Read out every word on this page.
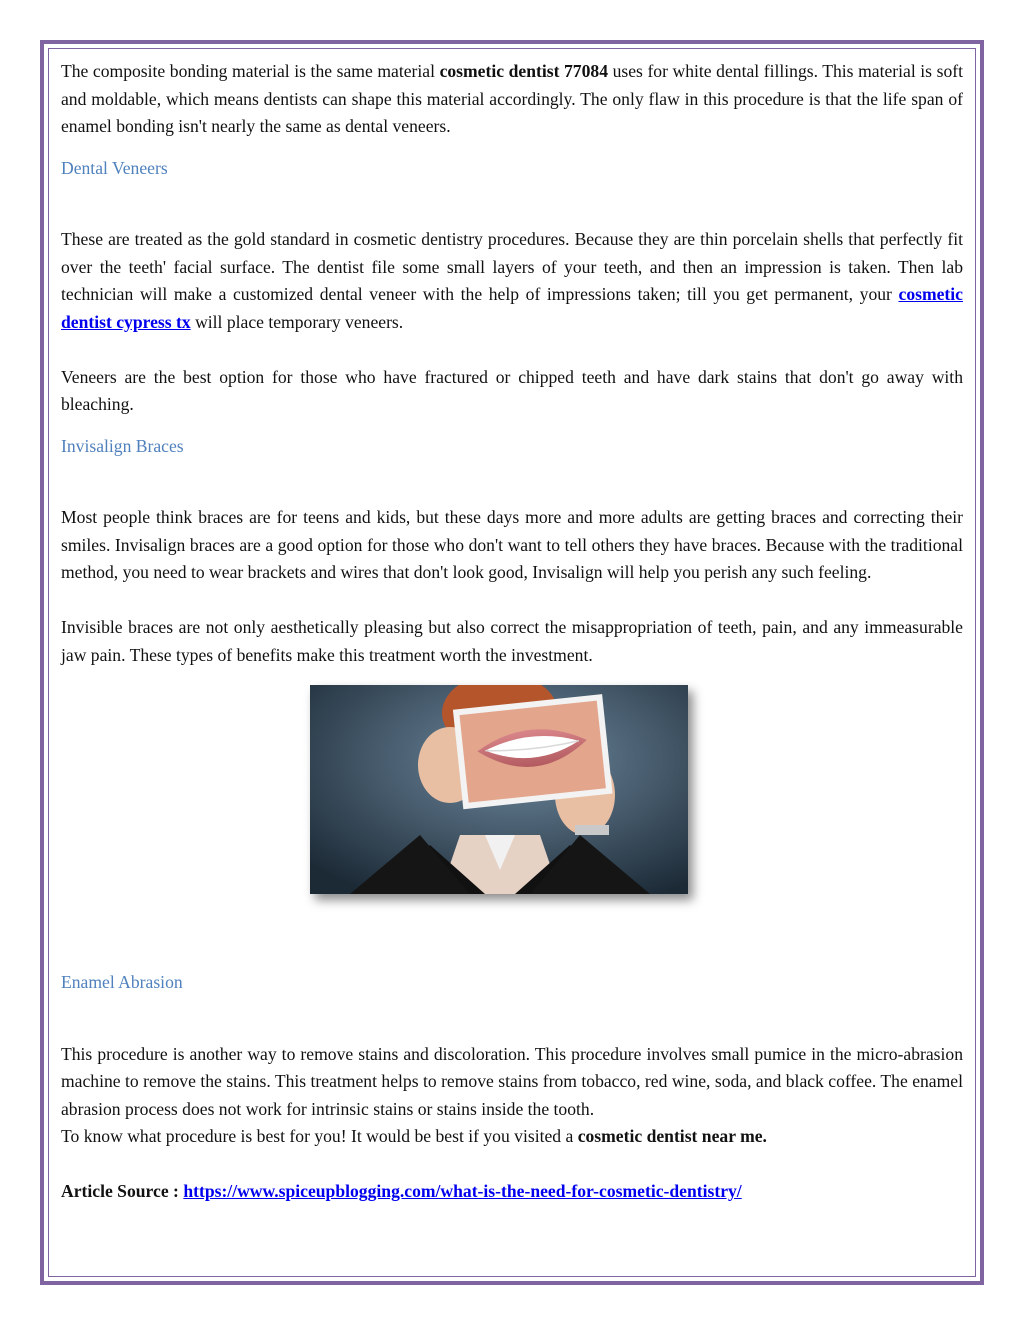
The composite bonding material is the same material cosmetic dentist 77084 uses for white dental fillings. This material is soft and moldable, which means dentists can shape this material accordingly. The only flaw in this procedure is that the life span of enamel bonding isn't nearly the same as dental veneers.

Dental Veneers

These are treated as the gold standard in cosmetic dentistry procedures. Because they are thin porcelain shells that perfectly fit over the teeth' facial surface. The dentist file some small layers of your teeth, and then an impression is taken. Then lab technician will make a customized dental veneer with the help of impressions taken; till you get permanent, your cosmetic dentist cypress tx will place temporary veneers.

Veneers are the best option for those who have fractured or chipped teeth and have dark stains that don't go away with bleaching.

Invisalign Braces

Most people think braces are for teens and kids, but these days more and more adults are getting braces and correcting their smiles. Invisalign braces are a good option for those who don't want to tell others they have braces. Because with the traditional method, you need to wear brackets and wires that don't look good, Invisalign will help you perish any such feeling.

Invisible braces are not only aesthetically pleasing but also correct the misappropriation of teeth, pain, and any immeasurable jaw pain. These types of benefits make this treatment worth the investment.

Enamel Abrasion

This procedure is another way to remove stains and discoloration. This procedure involves small pumice in the micro-abrasion machine to remove the stains. This treatment helps to remove stains from tobacco, red wine, soda, and black coffee. The enamel abrasion process does not work for intrinsic stains or stains inside the tooth.

To know what procedure is best for you! It would be best if you visited a cosmetic dentist near me.

Article Source : https://www.spiceupblogging.com/what-is-the-need-for-cosmetic-dentistry/
